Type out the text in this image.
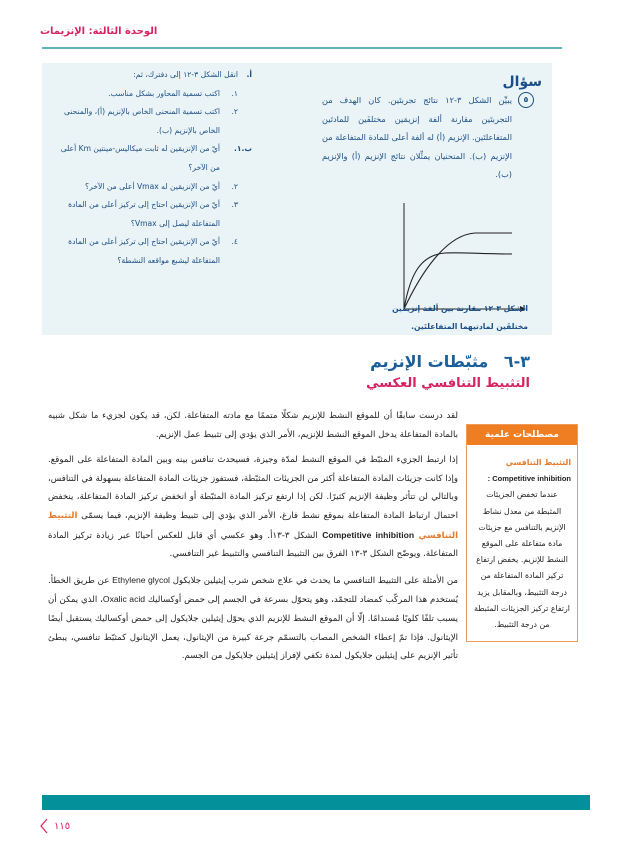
الوحدة الثالثة: الإنزيمات
سؤال
٥
يبيِّن الشكل ٣-١٢ نتائج تجربتَين. كان الهدف من التجربتَين مقارنة ألفة إنزيمَين مختلفَين للمادتَين المتفاعلتَين. الإنزيم (أ) له ألفة أعلى للمادة المتفاعلة من الإنزيم (ب). المنحنيان يمثِّلان نتائج الإنزيم (أ) والإنزيم (ب).
أ.
انقل الشكل ٣-١٢ إلى دفترك، ثم:
١.
اكتب تسمية المحاور بشكل مناسب.
٢.
اكتب تسمية المنحنى الخاص بالإنزيم (أ)، والمنحنى الخاص بالإنزيم (ب).
ب.١.
أيّ من الإنزيمَين له ثابت ميكاليس-مينتين Km أعلى من الآخر؟
٢.
أيّ من الإنزيمَين له Vmax أعلى من الآخر؟
٣.
أيّ من الإنزيمَين احتاج إلى تركيز أعلى من المادة المتفاعلة ليصل إلى Vmax؟
٤.
أيّ من الإنزيمَين احتاج إلى تركيز أعلى من المادة المتفاعلة ليشبع مواقعه النشطة؟
الشكل ٣-١٢ مقارنة بين ألفة إنزيمَين مختلفَين لمادتيهما المتفاعلتَين.
٣-٦ مثبّطات الإنزيم
التثبيط التنافسي العكسي

لقد درست سابقًا أن للموقع النشط للإنزيم شكلًا متممًا مع مادته المتفاعلة. لكن، قد يكون لجزيء ما شكل شبيه بالمادة المتفاعلة يدخل الموقع النشط للإنزيم، الأمر الذي يؤدي إلى تثبيط عمل الإنزيم.

إذا ارتبط الجزيء المثبّط في الموقع النشط لمدّة وجيزة، فسيحدث تنافس بينه وبين المادة المتفاعلة على الموقع. وإذا كانت جزيئات المادة المتفاعلة أكثر من الجزيئات المثبّطة، فستفوز جزيئات المادة المتفاعلة بسهولة في التنافس، وبالتالي لن تتأثر وظيفة الإنزيم كثيرًا. لكن إذا ارتفع تركيز المادة المثبّطة أو انخفض تركيز المادة المتفاعلة، ينخفض احتمال ارتباط المادة المتفاعلة بموقع نشط فارغ، الأمر الذي يؤدي إلى تثبيط وظيفة الإنزيم، فيما يسمّى التثبيط التنافسي Competitive inhibition الشكل ٣-١٣أ. وهو عكسي أي قابل للعكس أحيانًا عبر زيادة تركيز المادة المتفاعلة. ويوضّح الشكل ٣-١٣ الفرق بين التثبيط التنافسي والتثبيط غير التنافسي.

من الأمثلة على التثبيط التنافسي ما يحدث في علاج شخص شرب إيثيلين جلايكول Ethylene glycol عن طريق الخطأ. يُستخدم هذا المركّب كمضاد للتجمّد، وهو يتحوّل بسرعة في الجسم إلى حمض أوكساليك Oxalic acid، الذي يمكن أن يسبب تلفًا كلويًا مُستدامًا. إلّا أن الموقع النشط للإنزيم الذي يحوّل إيثيلين جلايكول إلى حمض أوكساليك يستقبل أيضًا الإيثانول. فإذا تمّ إعطاء الشخص المصاب بالتسمّم جرعة كبيرة من الإيثانول، يعمل الإيثانول كمثبّط تنافسي، يبطئ تأثير الإنزيم على إيثيلين جلايكول لمدة تكفي لإفراز إيثيلين جلايكول من الجسم.

مصطلحات علمية
التثبيط التنافسي
Competitive inhibition :
عندما تخفض الجزيئات المثبطة من معدل نشاط الإنزيم بالتنافس مع جزيئات مادة متفاعلة على الموقع النشط للإنزيم. يخفض ارتفاع تركيز المادة المتفاعلة من درجة التثبيط، وبالمقابل يزيد ارتفاع تركيز الجزيئات المثبطة من درجة التثبيط.
١١٥
